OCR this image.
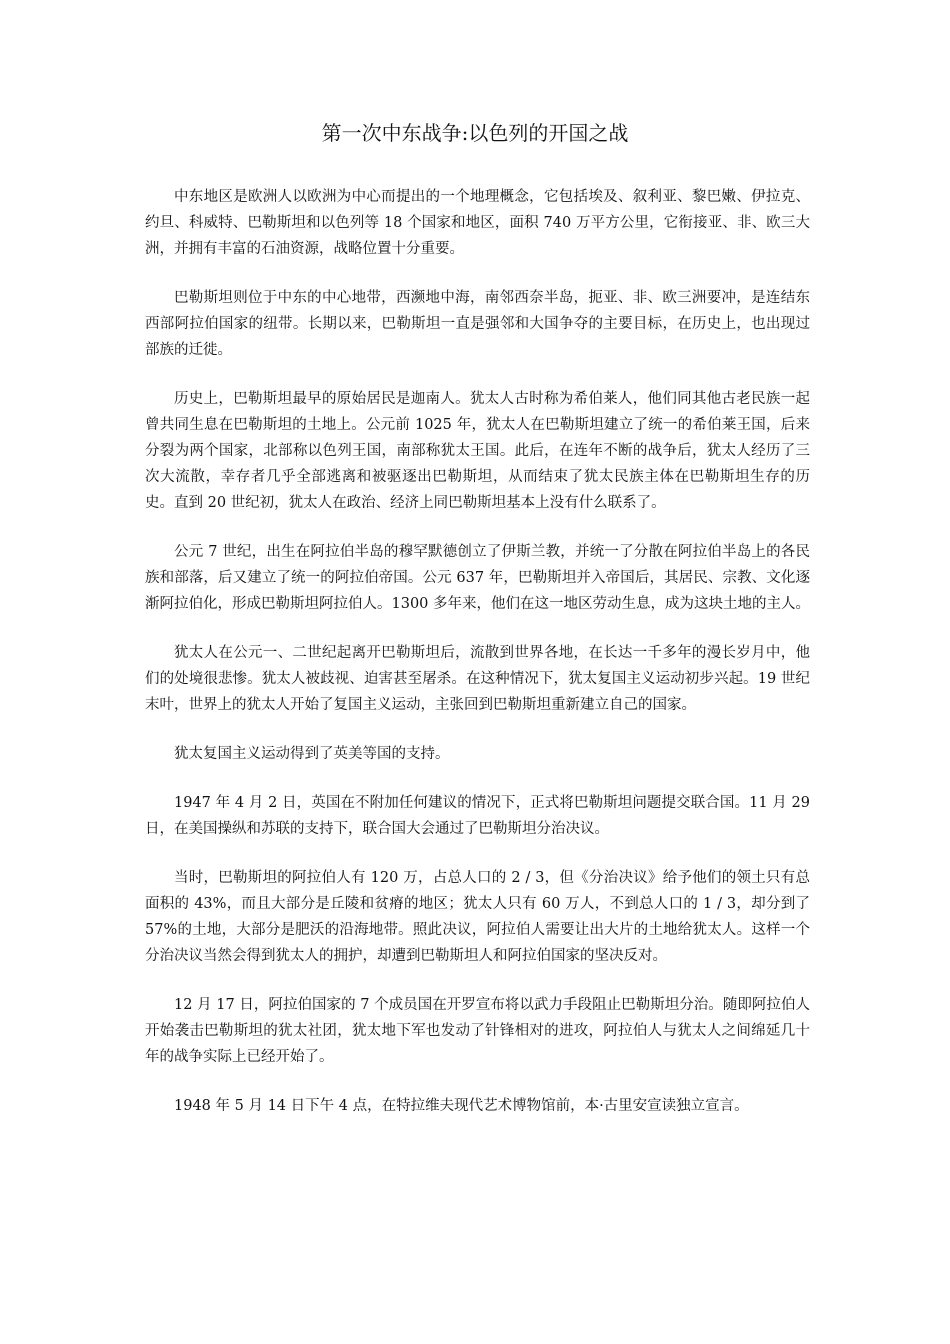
第一次中东战争:以色列的开国之战

中东地区是欧洲人以欧洲为中心而提出的一个地理概念，它包括埃及、叙利亚、黎巴嫩、伊拉克、约旦、科威特、巴勒斯坦和以色列等 18 个国家和地区，面积 740 万平方公里，它衔接亚、非、欧三大洲，并拥有丰富的石油资源，战略位置十分重要。

巴勒斯坦则位于中东的中心地带，西濒地中海，南邻西奈半岛，扼亚、非、欧三洲要冲，是连结东西部阿拉伯国家的纽带。长期以来，巴勒斯坦一直是强邻和大国争夺的主要目标，在历史上，也出现过部族的迁徙。

历史上，巴勒斯坦最早的原始居民是迦南人。犹太人古时称为希伯莱人，他们同其他古老民族一起曾共同生息在巴勒斯坦的土地上。公元前 1025 年，犹太人在巴勒斯坦建立了统一的希伯莱王国，后来分裂为两个国家，北部称以色列王国，南部称犹太王国。此后，在连年不断的战争后，犹太人经历了三次大流散，幸存者几乎全部逃离和被驱逐出巴勒斯坦，从而结束了犹太民族主体在巴勒斯坦生存的历史。直到 20 世纪初，犹太人在政治、经济上同巴勒斯坦基本上没有什么联系了。

公元 7 世纪，出生在阿拉伯半岛的穆罕默德创立了伊斯兰教，并统一了分散在阿拉伯半岛上的各民族和部落，后又建立了统一的阿拉伯帝国。公元 637 年，巴勒斯坦并入帝国后，其居民、宗教、文化逐渐阿拉伯化，形成巴勒斯坦阿拉伯人。1300 多年来，他们在这一地区劳动生息，成为这块土地的主人。

犹太人在公元一、二世纪起离开巴勒斯坦后，流散到世界各地，在长达一千多年的漫长岁月中，他们的处境很悲惨。犹太人被歧视、迫害甚至屠杀。在这种情况下，犹太复国主义运动初步兴起。19 世纪末叶，世界上的犹太人开始了复国主义运动，主张回到巴勒斯坦重新建立自己的国家。

犹太复国主义运动得到了英美等国的支持。

1947 年 4 月 2 日，英国在不附加任何建议的情况下，正式将巴勒斯坦问题提交联合国。11 月 29 日，在美国操纵和苏联的支持下，联合国大会通过了巴勒斯坦分治决议。

当时，巴勒斯坦的阿拉伯人有 120 万，占总人口的 2 / 3，但《分治决议》给予他们的领土只有总面积的 43%，而且大部分是丘陵和贫瘠的地区；犹太人只有 60 万人，不到总人口的 1 / 3，却分到了 57%的土地，大部分是肥沃的沿海地带。照此决议，阿拉伯人需要让出大片的土地给犹太人。这样一个分治决议当然会得到犹太人的拥护，却遭到巴勒斯坦人和阿拉伯国家的坚决反对。

12 月 17 日，阿拉伯国家的 7 个成员国在开罗宣布将以武力手段阻止巴勒斯坦分治。随即阿拉伯人开始袭击巴勒斯坦的犹太社团，犹太地下军也发动了针锋相对的进攻，阿拉伯人与犹太人之间绵延几十年的战争实际上已经开始了。

1948 年 5 月 14 日下午 4 点，在特拉维夫现代艺术博物馆前，本·古里安宣读独立宣言。
